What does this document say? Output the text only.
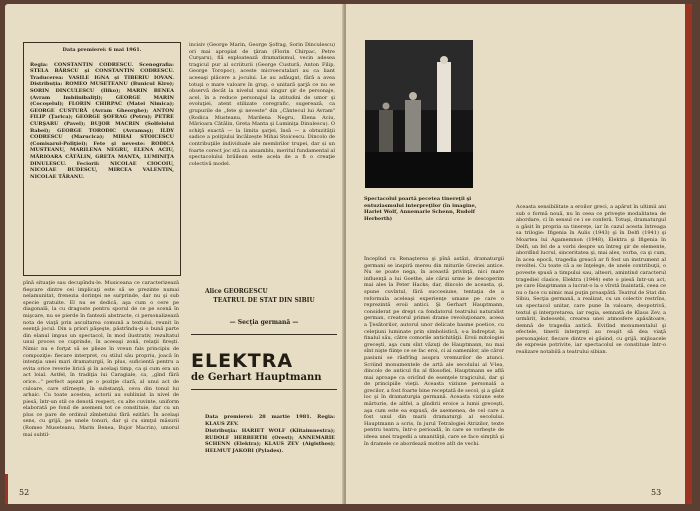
Data premierei: 6 mai 1961.

Regia: CONSTANTIN CODRESCU. Scenografia: STELA BĂRSCU și CONSTANTIN CODRESCU. Traducerea: VASILE IGNA și TIBERIU IOVAN. Distribuția: ROMEO MUSETEANU (Bunicul Kiro); SORIN DINCULESCU (Iliko); MARIN BENEA (Avram Imbiinibaliţi); GEORGE MARIN (Cocoşelul); FLORIN CHIRPAC (Matei Nimica); GEORGE CUSTURĂ (Avram Gheorghe); ANTON FILIP (Ţarica); GEORGE ŞOFRAG (Petru); PETRE CURŞARU (Pavel); BUJOR MACRIN (Solfelolui Babei); GEORGE TORODIC (Avramaş); ILDY CODRESCU (Marucica); MIHAI STOICESCU (Comisarul-Poliţiei); Fete şi neveste: RODICA MUSTEANU, MARILENA NEGRU, ELENA ACIU, MĂRIOARA CĂTĂLIN, GRETA MANTA, LUMINIŢA DINULESCU. Feciorii: NICOLAE CIOCOIU, NICOLAE BUDESCU, MIRCEA VALENTIN, NICOLAE TĂRANU.

incisiv (George Marin, George Şofrag, Sorin Dinculescu) ori mai apropiat de ţăran (Florin Chirpac, Petre Curşaru), fiă exploatează dramatismul, vecin adesea tragicul pur al scriiturii (George Custură, Anton Filip, George Toropoc), aceste microecutalari au ca liant aceeaşi plăcere a jocului. Le au adăugat, fără a avea totuşi o mare valoare în grup, o unitară şarjă ce nu se observă decât la nivelul unui singur şir de personaje, acel, în a reduce personajul la atitudini de umor şi evoluţiei, atent stilizate coregrafic, sugerează, ca grupurile de „fete şi neveste" din „Cântecul lui Avram" (Rodica Musteanu, Marilena Negru, Elena Aciu, Mărioara Cătălin, Greta Manta şi Luminiţa Dinulescu). O schiţă exactă — la limita şarjei, însă — a obtuzităţii sadice a poliţiului încălzește Mihai Stoicescu. Dincolo de contribuţiile individuale ale membrilor trupei, dar și un foarte corect joc stă ca ansamblu, meritul fundamental al spectacolului brăilean este acela de a fi o creaţie colectivă model.

Alice GEORGESCU

pînă situaţie sau decupîndu-le. Musiceana ce caracterizează fieşcare dintre cei implicaţi este să se prezinte numai nelamunitat, frenezia dorinţei ne surprinde, dar nu şi sub specie gratuite. El nu se dedică, aşa cum o cere pe diagonală, la cu dragoste pentru sporul de ce pe scenă în mişcare, nu se pierde în fantezii abstracte, ci personalizează nota de viaţă prin ascultarea comună a textului, reunit în esenţă jocul. Din a priori păşeşte, păstrîndu-şi o bună parte din elanul impus un spectacol, în mod ilustrativ, rezultatul unui proces ce cuprinde, în aceeaşi zonă, relaţii fireşti. Nimic nu e forţat să se plieze în vreun fals principiu de compoziţie: fiecare interpret, cu stilul său propriu, joacă în intenţia unei mari dramaturgii, în plus, suficientă pentru a evita orice reverie lirică şi în acelaşi timp, ca şi cum era un act loial. Astfel, în tradiţia lui Caragiale, ca, „gînd fără orice..." perfect aşezat pe o poziţie clară, al unui act de culoare, care stîrneşte, în substanţă, ceva din tonul lui arhaic. Cu toate acestea, actorii au subliniat la nivel de piesă, într-un stil ce denotă respect, cu alte cuvinte, uniform elaborată pe fond de asemeni tot ce constituie, dar cu un plus ce pare de ordinul zîmbetului fără ezitări. În acelaşi sens, cu grijă, pe unele tonuri, dar şi cu simţul măsurii (Romeo Museteanu, Marin Benea, Bujor Macrin), umorul mai subtil-

TEATRUL DE STAT DIN SIBIU
— Secţia germană —
ELEKTRA
de Gerhart Hauptmann

Data premierei: 28 martie 1981. Regia: KLAUS ZEV.

Distribuţia: HARIET WOLF (Klitaimnestra); RUDOLF HERBERTH (Orest); ANNEMARIE SCHENN (Elektra); KLAUS ZEV (Aigisthos); HELMUT JAKOBI (Pylades).

52

Spectacolul poartă pecetea tinereţii şi entuziasmului interpreţilor (în imagine, Hariet Wolf, Annemarie Schenn, Rudolf Herberth)

Începînd cu Renaşterea şi pînă astăzi, dramaturgii germani se inspiră mereu din miturile Greciei antice. Nu se poate nega, în această privinţă, nici mare influenţă a lui Goethe, ale cărui urme le descoperim mai ales la Peter Hacks; dar, dincolo de aceasta, şi, spune cuvîntul, fără succesiune, tentaţia de a reformula aceleaşi experienţe umane pe care o reprezintă eroii antici. Şi Gerhart Hauptmann, considerat pe drept ca fondatorul teatrului naturalist german, creatorul primei drame revoluţionare, aceea a Ţesătorilor, autorul unor delicate basme poetice, cu celeţiuni luminate prin simbolistică, s-a îndreptat, la finalul său, către comorile antichităţii. Eroii mitologiei greceşti, aşa cum sînt văzuţi de Hauptmann, nu mai sînt nişte fiinţe ce se fac eroi, ci ai oamenilor, ale căror pasiuni se răsfrîng asupra vremurilor de atunci. Scriind monumentele de artă ale secolului al V-lea, dincolo de anticul fiu al filosofiei, Hauptmann se află mai aproape ca oricînd de esenţele tragicului, dar şi de principiile vieţii. Aceasta viziune personală a grecilor, a fost foarte bine receptată de secol, şi a găsit loc şi în dramaturgia germană. Aceasta viziune este mărturie, de altfel, a gîndirii eroice a lumii greceşti, aşa cum este ea expusă, de asemenea, de cel care a fost unul din marii dramaturgi al secolului. Hauptmann a scris, în jurul Tetralogiei Atrizilor, texte pentru teatru, într-o perioadă, în care se vorbeşte de ideea unei tragedii a umanităţii, care se face simţită şi în dramele ce abordează motive atît de vechi.

Aceasta sensibilitate a eroilor greci, a apărut în ultimii ani sub o formă nouă, nu în ceea ce priveşte modalitatea de abordare, ci în sensul ce i se conferă. Totuşi, dramaturgul a găsit în propria sa tinereţe, iar în cazul acesta întreaga sa trilogie: Ifigenia în Aulis (1943) şi în Delfi (1941) şi Moartea lui Agamemnon (1948), Elektra şi Ifigenia în Delfi, un fel de a vorbi despre un întreg şir de elemente, abordînd lucrul, sinceritatea şi, mai ales, vorba, ca şi cum, în acea epocă, tragedia greacă ar fi fost un instrument al revoltei. Cu toate că a se înţelege, de unele contribuţii, o poveste spusă a timpului sau, alteori, amintind caracterul tragediei clasice, Elektra (1944) este o piesă într-un act, pe care Hauptmann a lucrat-o la o vîrstă înaintată, ceea ce nu o face cu nimic mai puţin proaspătă. Teatrul de Stat din Sibiu, Secţia germană, a realizat, cu un colectiv restrîns, un spectacol unitar, care pune în valoare, deopotrivă, textul şi interpretarea, iar regia, semnată de Klaus Zev, a urmărit, îndeosebi, crearea unei atmosfere apăsătoare, demnă de tragedia antică. Evitînd monumentalul şi efectele, tinerii interpreţi au reuşit să dea viaţă personajelor, fiecare dintre ei găsind, cu grijă, mijloacele de expresie potrivite, iar spectacolul se constituie într-o realizare notabilă a teatrului sibian.

53
